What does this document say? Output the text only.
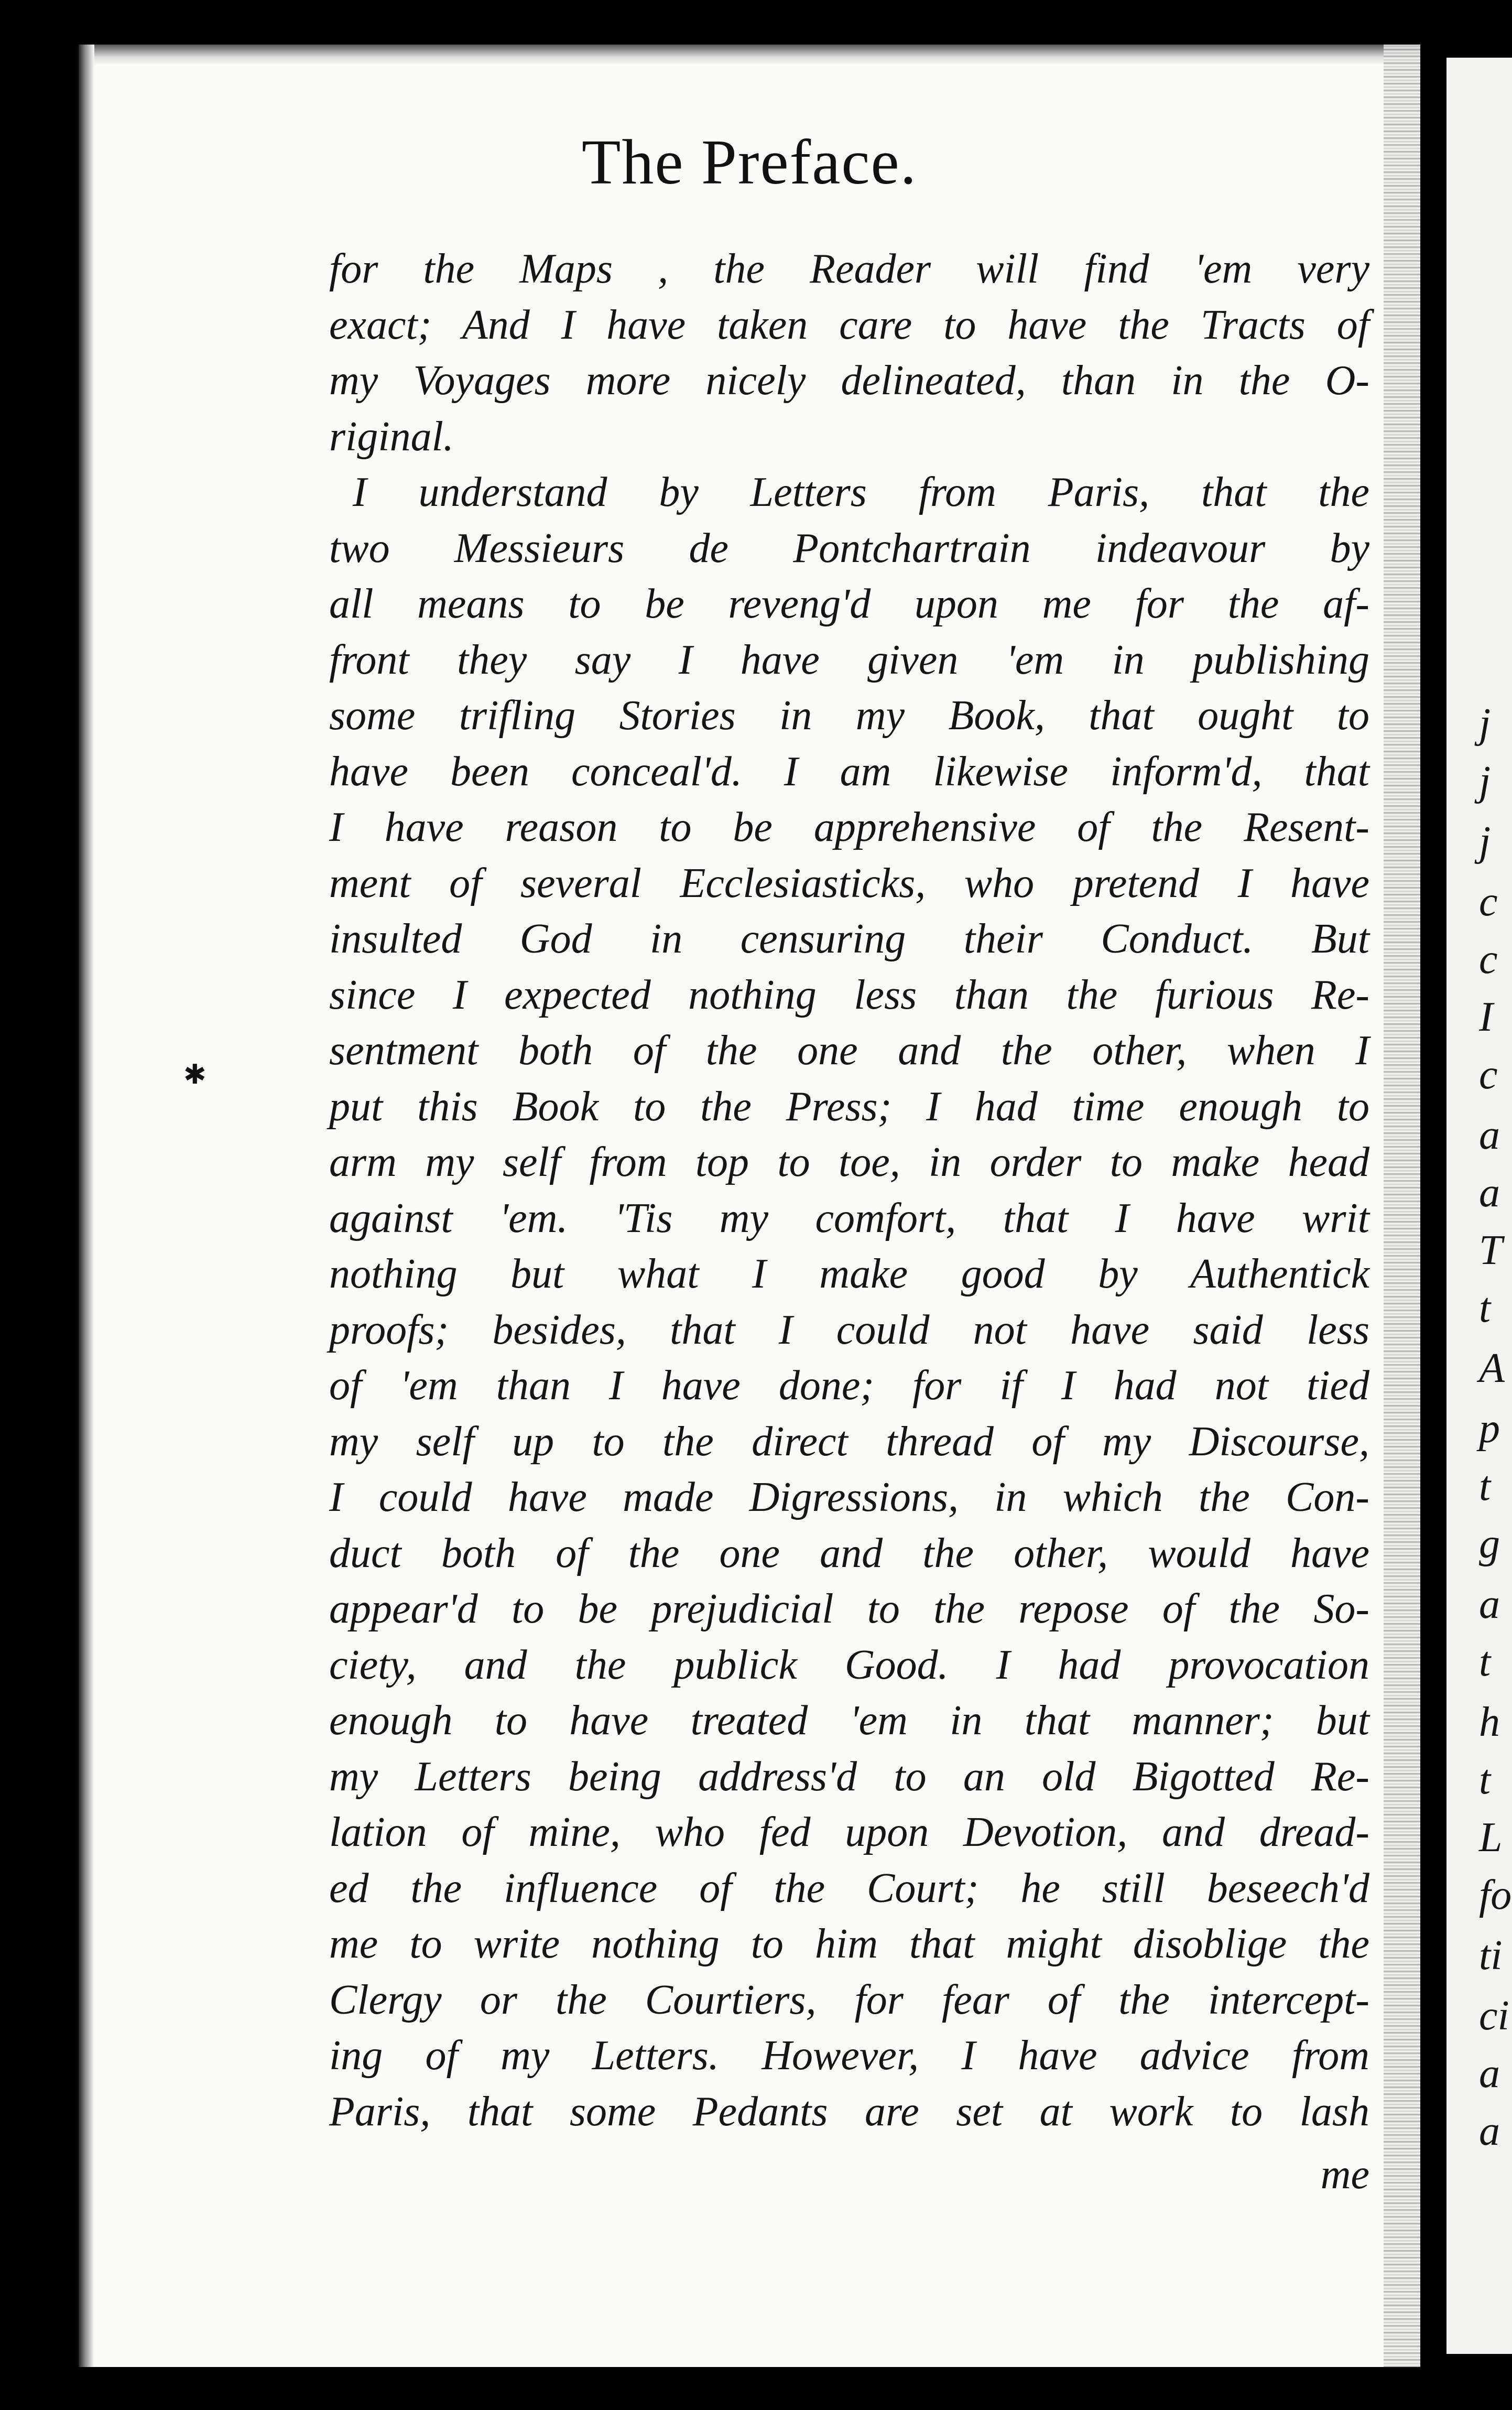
The Preface.
✱
for the Maps , the Reader will find 'em very
exact; And I have taken care to have the Tracts of
my Voyages more nicely delineated, than in the O-
riginal.
I understand by Letters from Paris, that the
two Messieurs de Pontchartrain indeavour by
all means to be reveng'd upon me for the af-
front they say I have given 'em in publishing
some trifling Stories in my Book, that ought to
have been conceal'd. I am likewise inform'd, that
I have reason to be apprehensive of the Resent-
ment of several Ecclesiasticks, who pretend I have
insulted God in censuring their Conduct. But
since I expected nothing less than the furious Re-
sentment both of the one and the other, when I
put this Book to the Press; I had time enough to
arm my self from top to toe, in order to make head
against 'em. 'Tis my comfort, that I have writ
nothing but what I make good by Authentick
proofs; besides, that I could not have said less
of 'em than I have done; for if I had not tied
my self up to the direct thread of my Discourse,
I could have made Digressions, in which the Con-
duct both of the one and the other, would have
appear'd to be prejudicial to the repose of the So-
ciety, and the publick Good. I had provocation
enough to have treated 'em in that manner; but
my Letters being address'd to an old Bigotted Re-
lation of mine, who fed upon Devotion, and dread-
ed the influence of the Court; he still beseech'd
me to write nothing to him that might disoblige the
Clergy or the Courtiers, for fear of the intercept-
ing of my Letters. However, I have advice from
Paris, that some Pedants are set at work to lash
me
j
j
j
c
c
I
c
a
a
T
t
A
p
t
g
a
t
h
t
L
fo
ti
ci
a
a
